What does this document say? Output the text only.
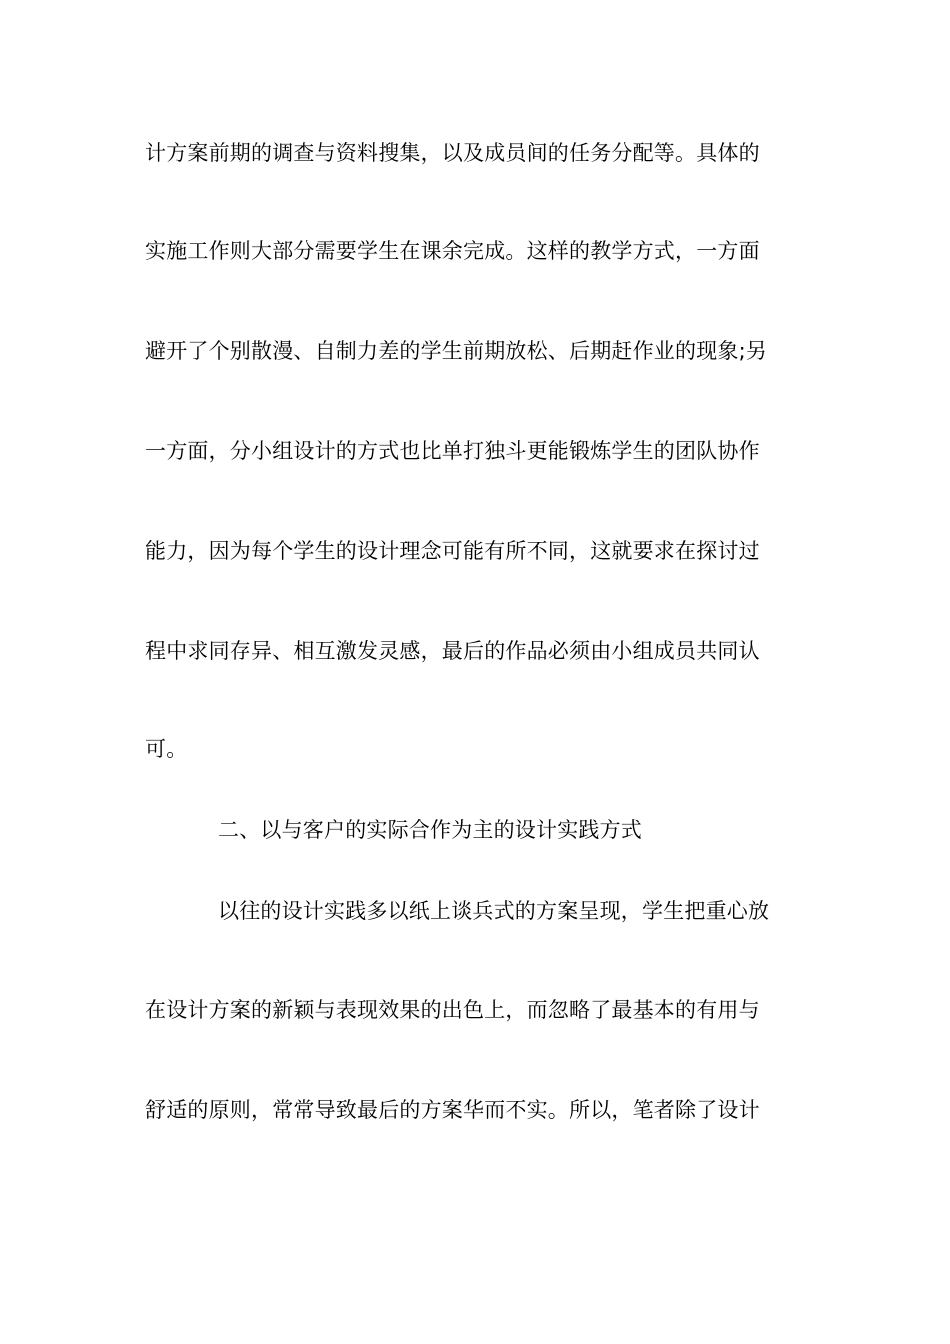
计方案前期的调查与资料搜集，以及成员间的任务分配等。具体的
实施工作则大部分需要学生在课余完成。这样的教学方式，一方面
避开了个别散漫、自制力差的学生前期放松、后期赶作业的现象;另
一方面，分小组设计的方式也比单打独斗更能锻炼学生的团队协作
能力，因为每个学生的设计理念可能有所不同，这就要求在探讨过
程中求同存异、相互激发灵感，最后的作品必须由小组成员共同认
可。
二、以与客户的实际合作为主的设计实践方式
以往的设计实践多以纸上谈兵式的方案呈现，学生把重心放
在设计方案的新颖与表现效果的出色上，而忽略了最基本的有用与
舒适的原则，常常导致最后的方案华而不实。所以，笔者除了设计
